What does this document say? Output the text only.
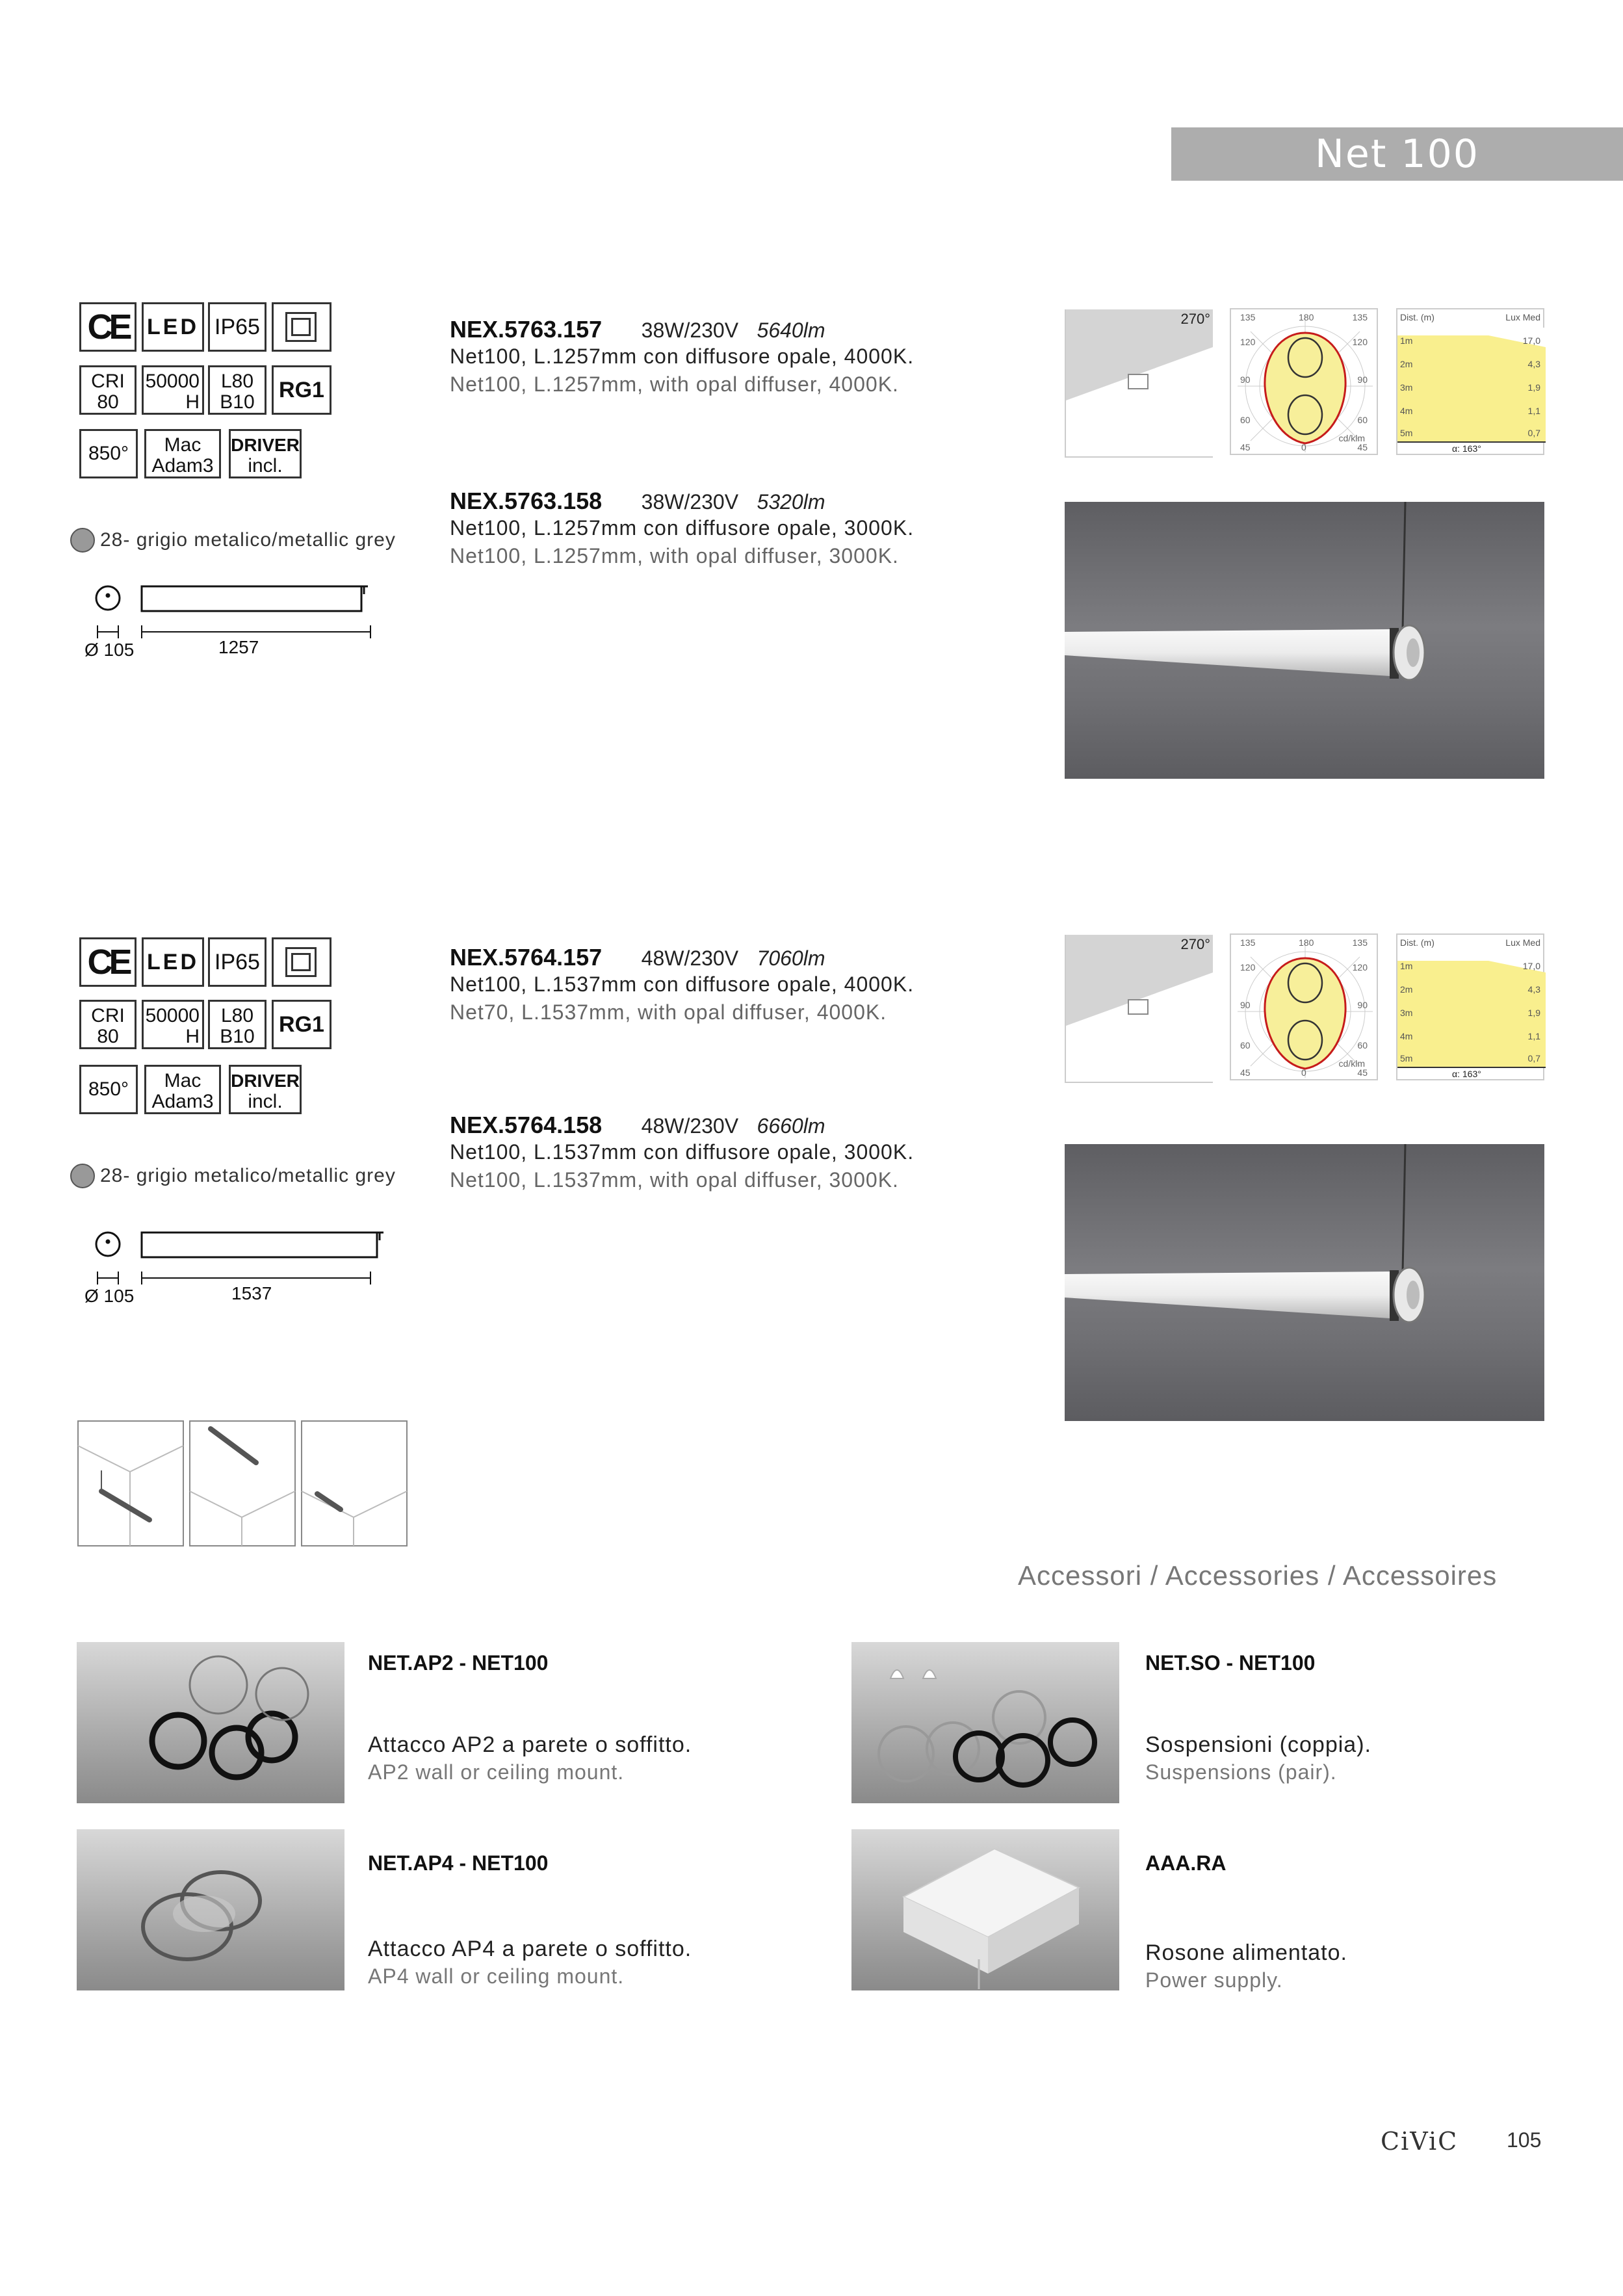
Net 100
CE LED IP65
CRI
80
50000
H
L80
B10	RG1
850°	Mac
Adam3
DRIVER
incl.
28- grigio metalico/metallic grey
Ø 105	1257
NEX.5763.157 38W/230V 5640lm
Net100, L.1257mm con diffusore opale, 4000K.
Net100, L.1257mm, with opal diffuser, 4000K.
NEX.5763.158 38W/230V 5320lm
Net100, L.1257mm con diffusore opale, 3000K.
Net100, L.1257mm, with opal diffuser, 3000K.
270°	135	180	135
120	120
90	90
60	60
45	0	45
cd/klm
Dist. (m)	Lux Med
1m	17,0
2m	4,3
3m	1,9
4m	1,1
5m	0,7
α: 163°
CE LED IP65
CRI
80
50000
H
L80
B10	RG1
850°	Mac
Adam3
DRIVER
incl.
28- grigio metalico/metallic grey
Ø 105	1537
NEX.5764.157 48W/230V 7060lm
Net100, L.1537mm con diffusore opale, 4000K.
Net70, L.1537mm, with opal diffuser, 4000K.
NEX.5764.158 48W/230V 6660lm
Net100, L.1537mm con diffusore opale, 3000K.
Net100, L.1537mm, with opal diffuser, 3000K.
270°	135	180	135
120	120
90	90
60	60
45	0	45
cd/klm
Dist. (m)	Lux Med
1m	17,0
2m	4,3
3m	1,9
4m	1,1
5m	0,7
α: 163°
Accessori / Accessories / Accessoires
NET.AP2 - NET100
Attacco AP2 a parete o soffitto.
AP2 wall or ceiling mount.
NET.SO - NET100
Sospensioni (coppia).
Suspensions (pair).
NET.AP4 - NET100
Attacco AP4 a parete o soffitto.
AP4 wall or ceiling mount.
AAA.RA
Rosone alimentato.
Power supply.
CiViC 105
